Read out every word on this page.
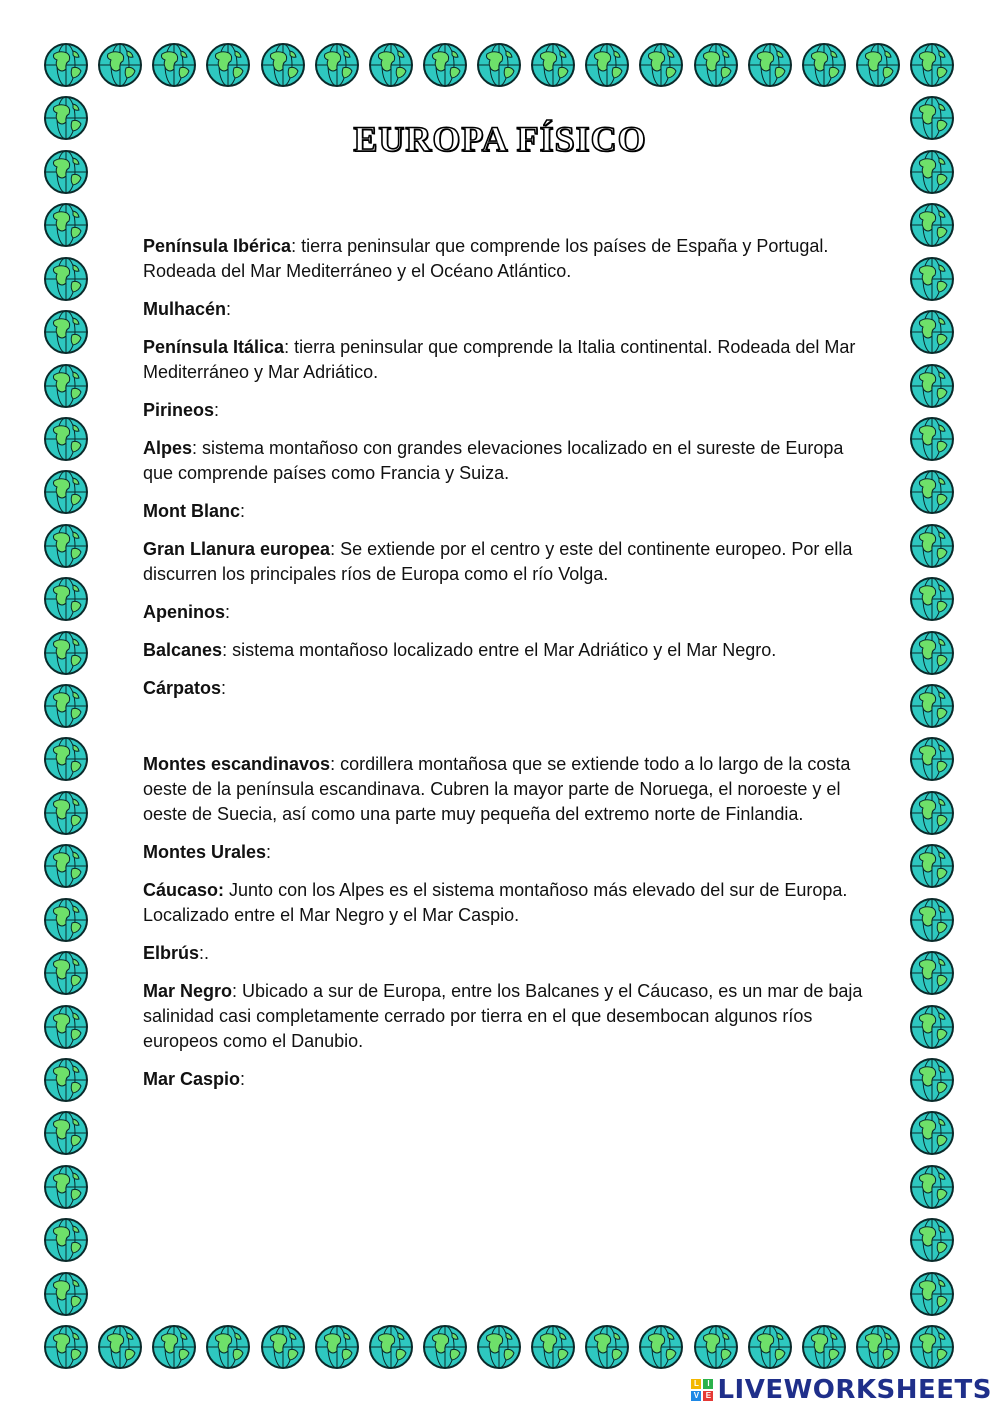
EUROPA FÍSICO

Península Ibérica: tierra peninsular que comprende los países de España y Portugal. Rodeada del Mar Mediterráneo y el Océano Atlántico.

Mulhacén:

Península Itálica: tierra peninsular que comprende la Italia continental. Rodeada del Mar Mediterráneo y Mar Adriático.

Pirineos:

Alpes: sistema montañoso con grandes elevaciones localizado en el sureste de Europa que comprende países como Francia y Suiza.

Mont Blanc:

Gran Llanura europea: Se extiende por el centro y este del continente europeo. Por ella discurren los principales ríos de Europa como el río Volga.

Apeninos:

Balcanes: sistema montañoso localizado entre el Mar Adriático y el Mar Negro.

Cárpatos:

Montes escandinavos: cordillera montañosa que se extiende todo a lo largo de la costa oeste de la península escandinava. Cubren la mayor parte de Noruega, el noroeste y el oeste de Suecia, así como una parte muy pequeña del extremo norte de Finlandia.

Montes Urales:

Cáucaso: Junto con los Alpes es el sistema montañoso más elevado del sur de Europa. Localizado entre el Mar Negro y el Mar Caspio.

Elbrús:.

Mar Negro: Ubicado a sur de Europa, entre los Balcanes y el Cáucaso, es un mar de baja salinidad casi completamente cerrado por tierra en el que desembocan algunos ríos europeos como el Danubio.

Mar Caspio:

L	I
V E LIVEWORKSHEETS
